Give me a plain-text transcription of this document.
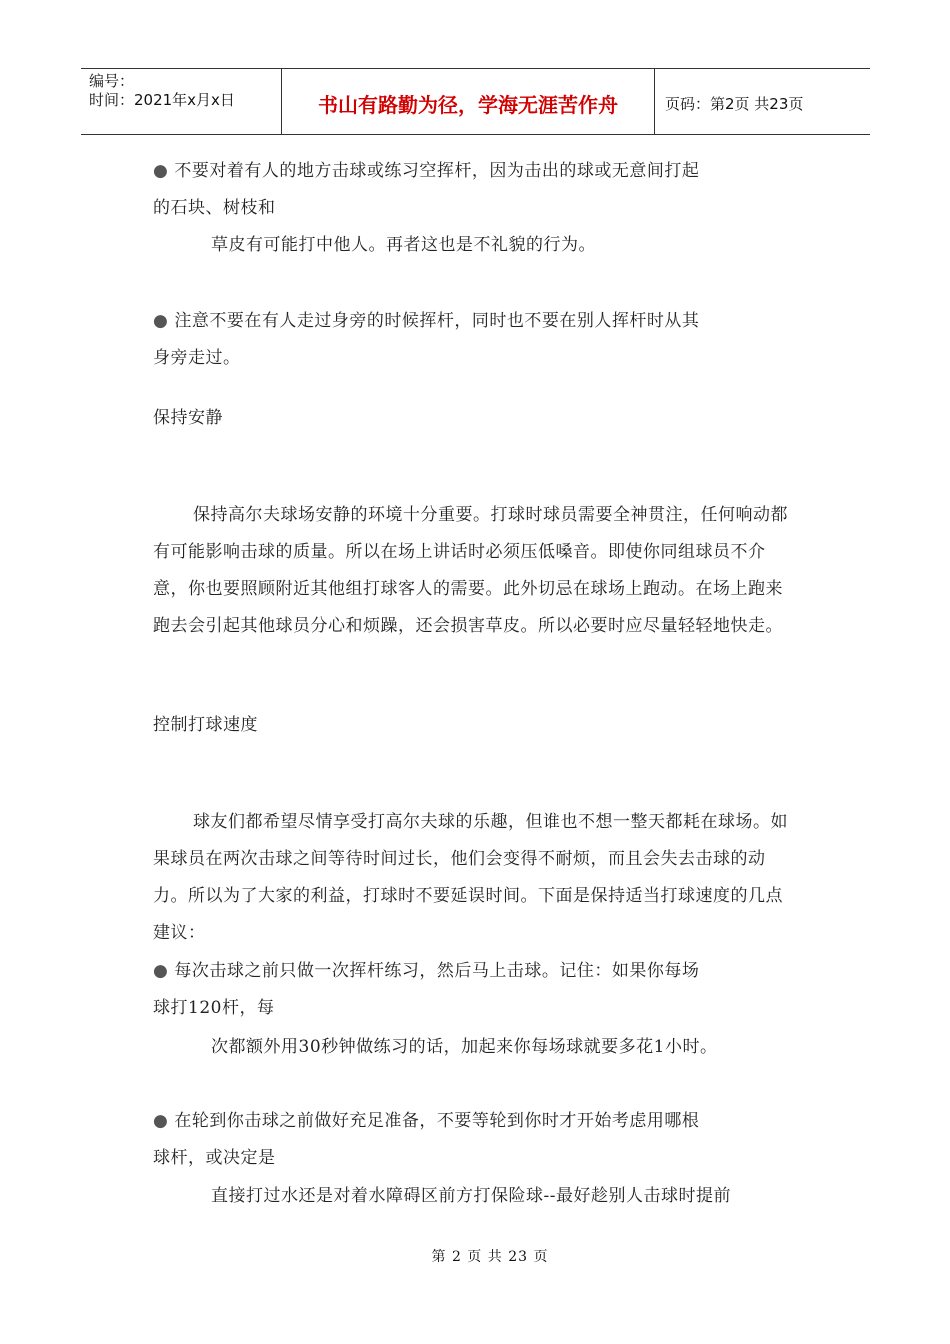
编号：
时间：2021年x月x日	书山有路勤为径，学海无涯苦作舟	页码：第2页 共23页
● 不要对着有人的地方击球或练习空挥杆，因为击出的球或无意间打起
的石块、树枝和
草皮有可能打中他人。再者这也是不礼貌的行为。
● 注意不要在有人走过身旁的时候挥杆，同时也不要在别人挥杆时从其
身旁走过。
保持安静

保持高尔夫球场安静的环境十分重要。打球时球员需要全神贯注，任何响动都有可能影响击球的质量。所以在场上讲话时必须压低嗓音。即使你同组球员不介意，你也要照顾附近其他组打球客人的需要。此外切忌在球场上跑动。在场上跑来跑去会引起其他球员分心和烦躁，还会损害草皮。所以必要时应尽量轻轻地快走。

控制打球速度

球友们都希望尽情享受打高尔夫球的乐趣，但谁也不想一整天都耗在球场。如果球员在两次击球之间等待时间过长，他们会变得不耐烦，而且会失去击球的动力。所以为了大家的利益，打球时不要延误时间。下面是保持适当打球速度的几点建议：

● 每次击球之前只做一次挥杆练习，然后马上击球。记住：如果你每场
球打120杆，每
次都额外用30秒钟做练习的话，加起来你每场球就要多花1小时。
● 在轮到你击球之前做好充足准备，不要等轮到你时才开始考虑用哪根
球杆，或决定是
直接打过水还是对着水障碍区前方打保险球--最好趁别人击球时提前
第 2 页 共 23 页
